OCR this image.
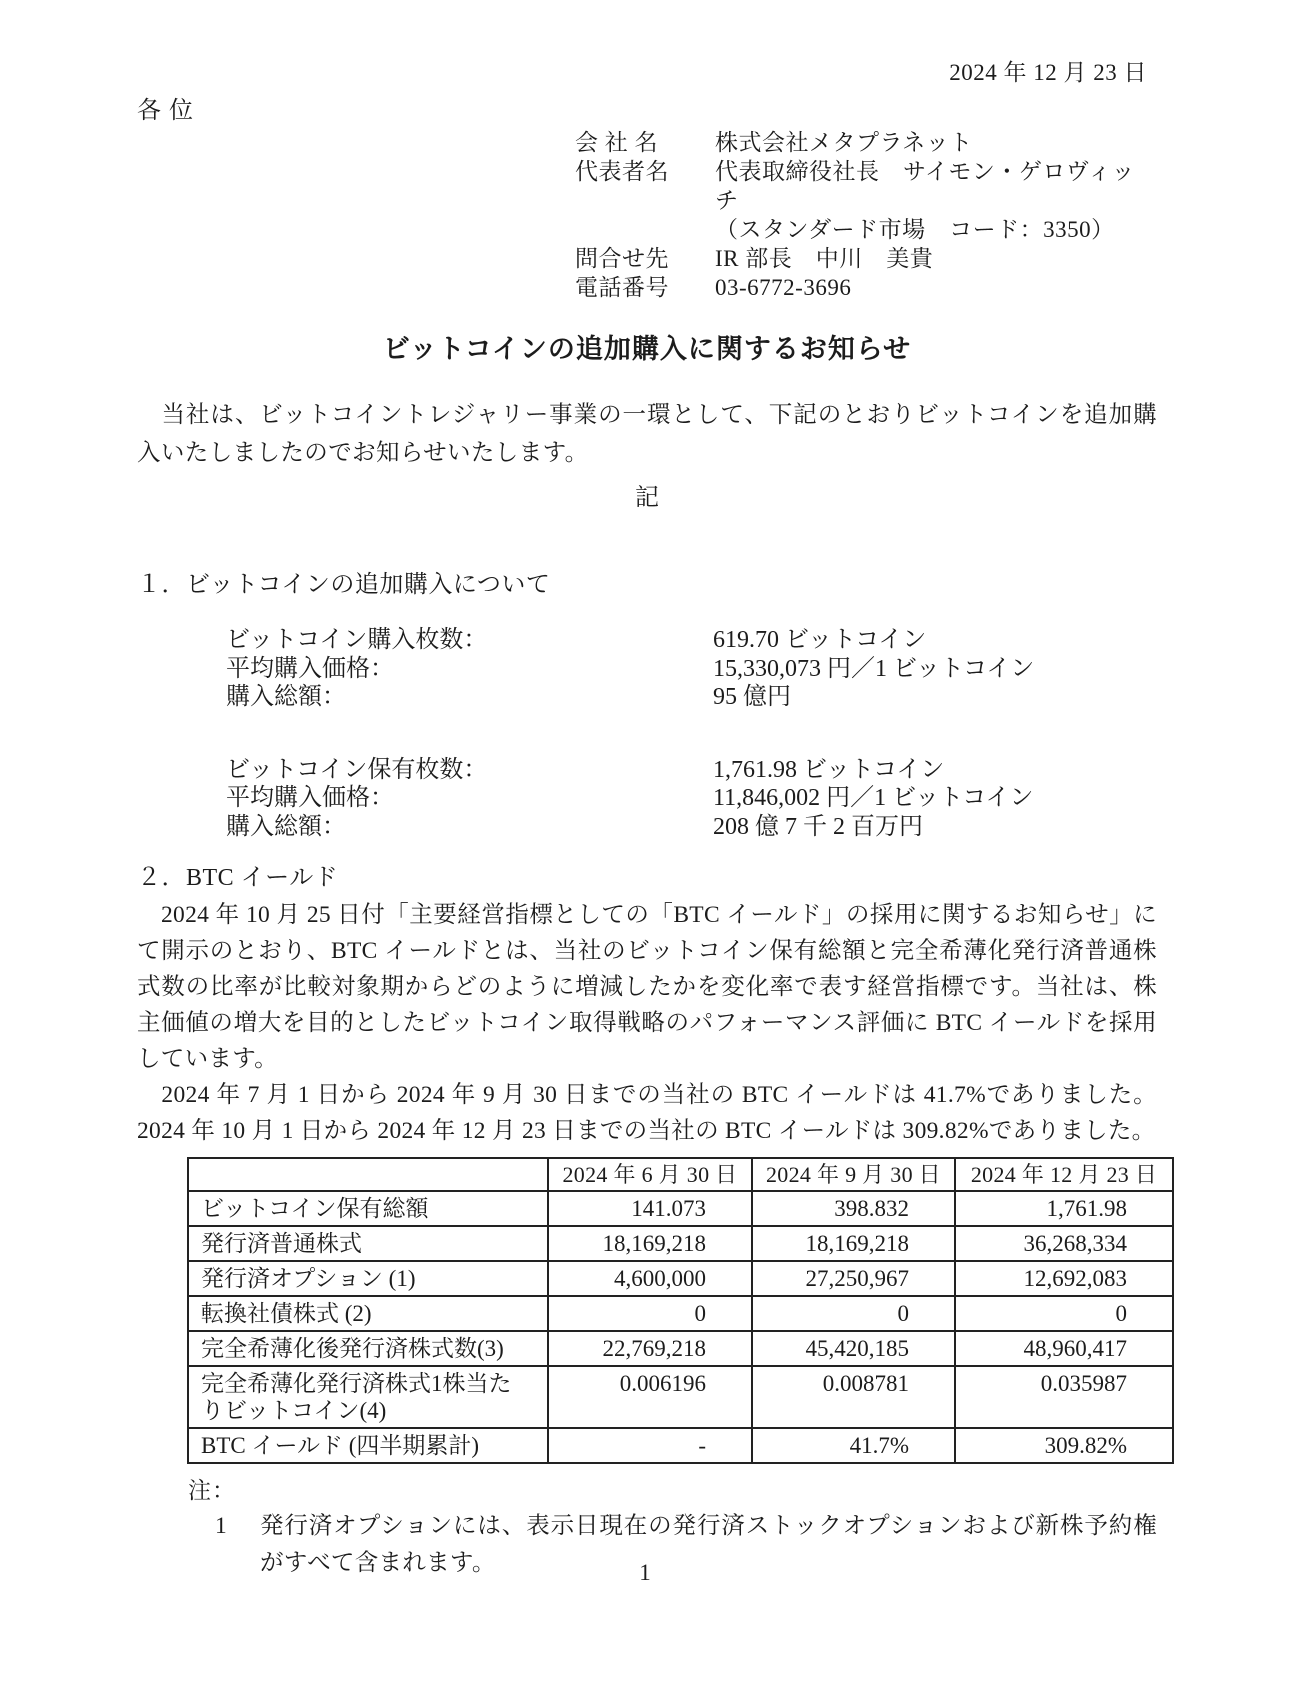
2024 年 12 月 23 日
各 位
会 社 名	株式会社メタプラネット
代表者名	代表取締役社長　サイモン・ゲロヴィッチ
（スタンダード市場　コード：3350）
問合せ先	IR 部長　中川　美貴
電話番号	03-6772-3696
ビットコインの追加購入に関するお知らせ

　当社は、ビットコイントレジャリー事業の一環として、下記のとおりビットコインを追加購入いたしましたのでお知らせいたします。

記
１．ビットコインの追加購入について
ビットコイン購入枚数：	619.70 ビットコイン
平均購入価格：	15,330,073 円／1 ビットコイン
購入総額：	95 億円
ビットコイン保有枚数：	1,761.98 ビットコイン
平均購入価格：	11,846,002 円／1 ビットコイン
購入総額：	208 億 7 千 2 百万円
２．BTC イールド

　2024 年 10 月 25 日付「主要経営指標としての「BTC イールド」の採用に関するお知らせ」にて開示のとおり、BTC イールドとは、当社のビットコイン保有総額と完全希薄化発行済普通株式数の比率が比較対象期からどのように増減したかを変化率で表す経営指標です。当社は、株主価値の増大を目的としたビットコイン取得戦略のパフォーマンス評価に BTC イールドを採用しています。

　2024 年 7 月 1 日から 2024 年 9 月 30 日までの当社の BTC イールドは 41.7%でありました。2024 年 10 月 1 日から 2024 年 12 月 23 日までの当社の BTC イールドは 309.82%でありました。

	2024 年 6 月 30 日	2024 年 9 月 30 日	2024 年 12 月 23 日
ビットコイン保有総額	141.073	398.832	1,761.98
発行済普通株式	18,169,218	18,169,218	36,268,334
発行済オプション (1)	4,600,000	27,250,967	12,692,083
転換社債株式 (2)	0	0	0
完全希薄化後発行済株式数(3)	22,769,218	45,420,185	48,960,417
完全希薄化発行済株式1株当たりビットコイン(4)	0.006196	0.008781	0.035987
BTC イールド (四半期累計)	-	41.7%	309.82%
注：
1	発行済オプションには、表示日現在の発行済ストックオプションおよび新株予約権がすべて含まれます。	1
